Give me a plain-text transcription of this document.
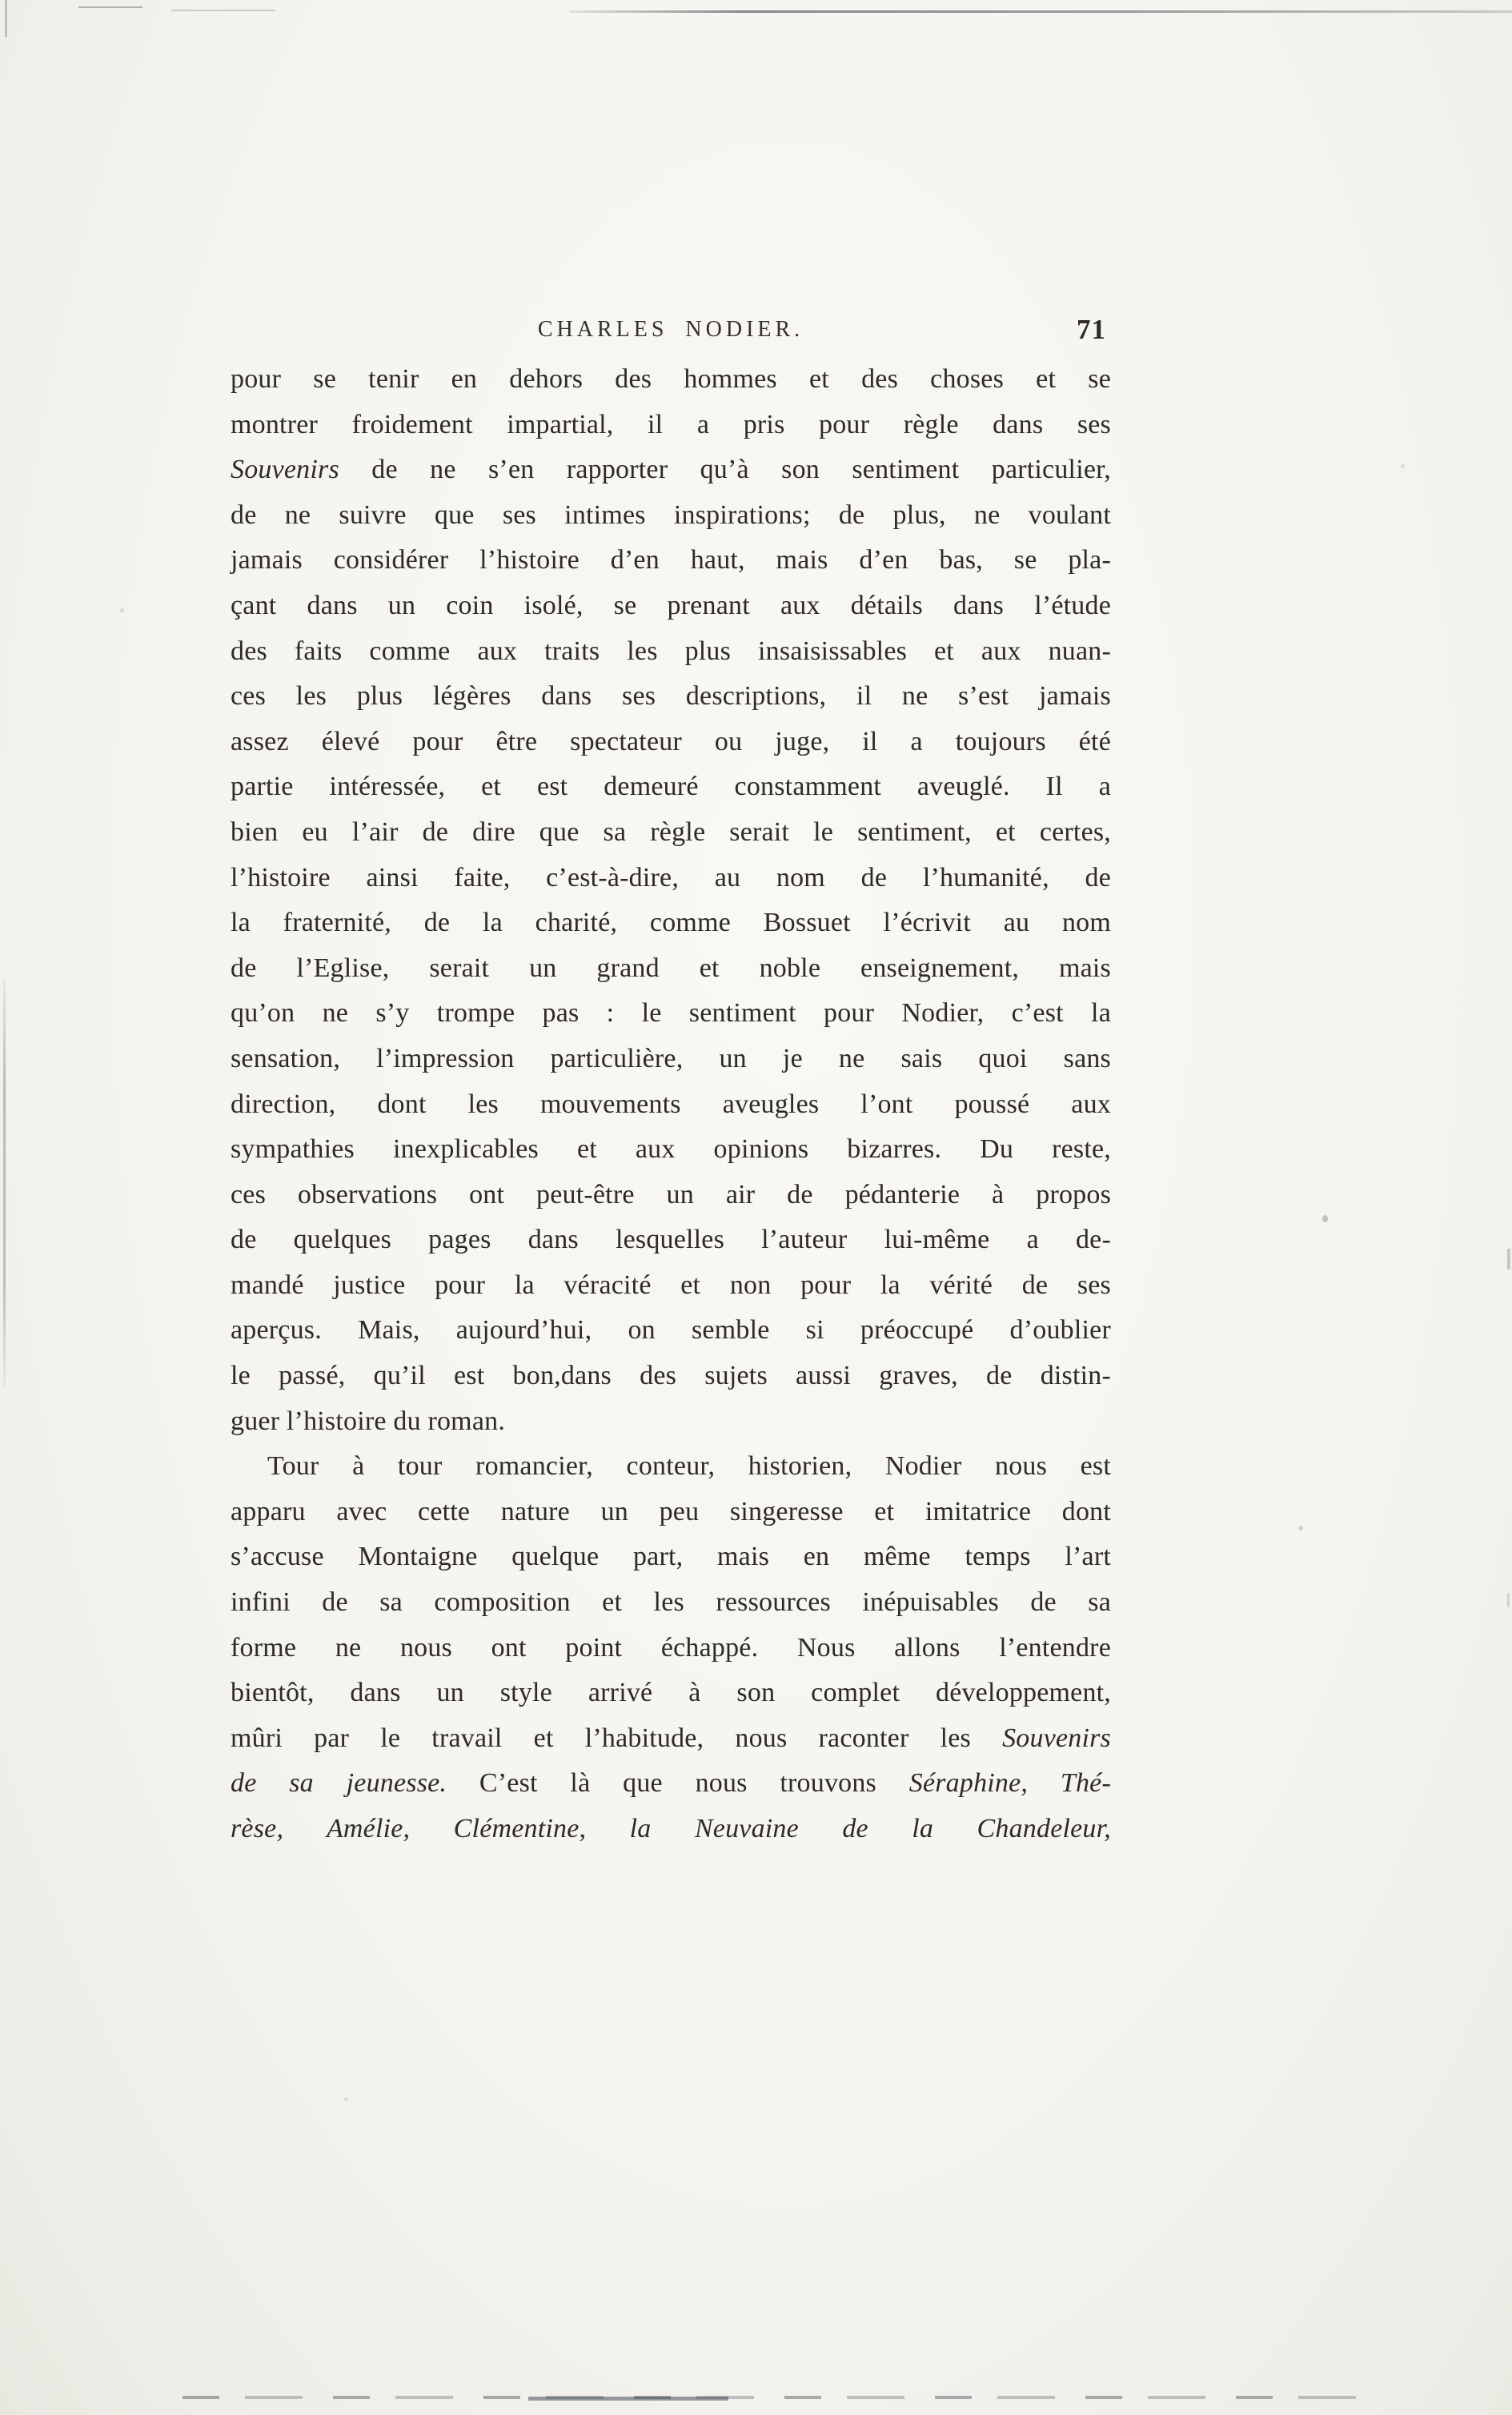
CHARLES NODIER.	71
pour se tenir en dehors des hommes et des choses et se
montrer froidement impartial, il a pris pour règle dans ses
Souvenirs de ne s’en rapporter qu’à son sentiment particulier,
de ne suivre que ses intimes inspirations; de plus, ne voulant
jamais considérer l’histoire d’en haut, mais d’en bas, se pla-
çant dans un coin isolé, se prenant aux détails dans l’étude
des faits comme aux traits les plus insaisissables et aux nuan-
ces les plus légères dans ses descriptions, il ne s’est jamais
assez élevé pour être spectateur ou juge, il a toujours été
partie intéressée, et est demeuré constamment aveuglé. Il a
bien eu l’air de dire que sa règle serait le sentiment, et certes,
l’histoire ainsi faite, c’est-à-dire, au nom de l’humanité, de
la fraternité, de la charité, comme Bossuet l’écrivit au nom
de l’Eglise, serait un grand et noble enseignement, mais
qu’on ne s’y trompe pas : le sentiment pour Nodier, c’est la
sensation, l’impression particulière, un je ne sais quoi sans
direction, dont les mouvements aveugles l’ont poussé aux
sympathies inexplicables et aux opinions bizarres. Du reste,
ces observations ont peut-être un air de pédanterie à propos
de quelques pages dans lesquelles l’auteur lui-même a de-
mandé justice pour la véracité et non pour la vérité de ses
aperçus. Mais, aujourd’hui, on semble si préoccupé d’oublier
le passé, qu’il est bon,dans des sujets aussi graves, de distin-
guer l’histoire du roman.
Tour à tour romancier, conteur, historien, Nodier nous est
apparu avec cette nature un peu singeresse et imitatrice dont
s’accuse Montaigne quelque part, mais en même temps l’art
infini de sa composition et les ressources inépuisables de sa
forme ne nous ont point échappé. Nous allons l’entendre
bientôt, dans un style arrivé à son complet développement,
mûri par le travail et l’habitude, nous raconter les Souvenirs
de sa jeunesse. C’est là que nous trouvons Séraphine, Thé-
rèse, Amélie, Clémentine, la Neuvaine de la Chandeleur,
